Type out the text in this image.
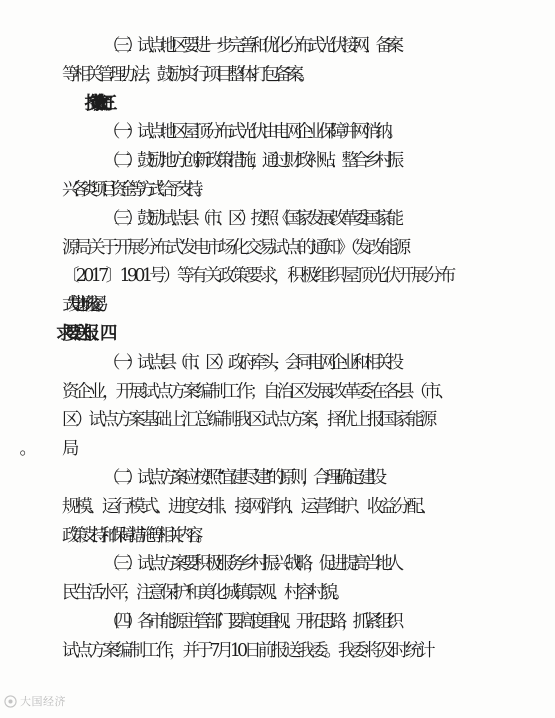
（三）试点地区要进一步完善和优化分布式光伏接网、备案
等相关管理办法，鼓励实行项目整体打包备案。
（一）试点地区屋顶分布式光伏由电网企业保障并网消纳。
（二）鼓励地方创新政策措施，通过财政补贴、整合乡村振
兴各类项目资金等方式给予支持。
（三）鼓励试点县（市、区）按照《国家发展改革委国家能
源局关于开展分布式发电市场化交易试点的通知》（发改能源
〔2017〕1901号）等有关政策要求，积极组织屋顶光伏开展分布
式发电市场化交易。
（一）试点县（市、区）政府牵头，会同电网企业和相关投
资企业，开展试点方案编制工作；自治区发展改革委在各县（市、
区）试点方案基础上汇总编制我区试点方案，择优上报国家能源
（二）试点方案应按照“宜建尽建”的原则，合理确定建设
规模、运行模式、进度安排、接网消纳、运营维护、收益分配、
政策支持和保障措施等相关内容。
（三）试点方案要积极服务乡村振兴战略，促进提高当地人
民生活水平，注意保护和美化城镇景观、村容村貌。
（四）各市能源主管部门要高度重视、开拓思路，抓紧组织
试点方案编制工作，并于7月10日前报送我委。我委将及时统计
大国经济
